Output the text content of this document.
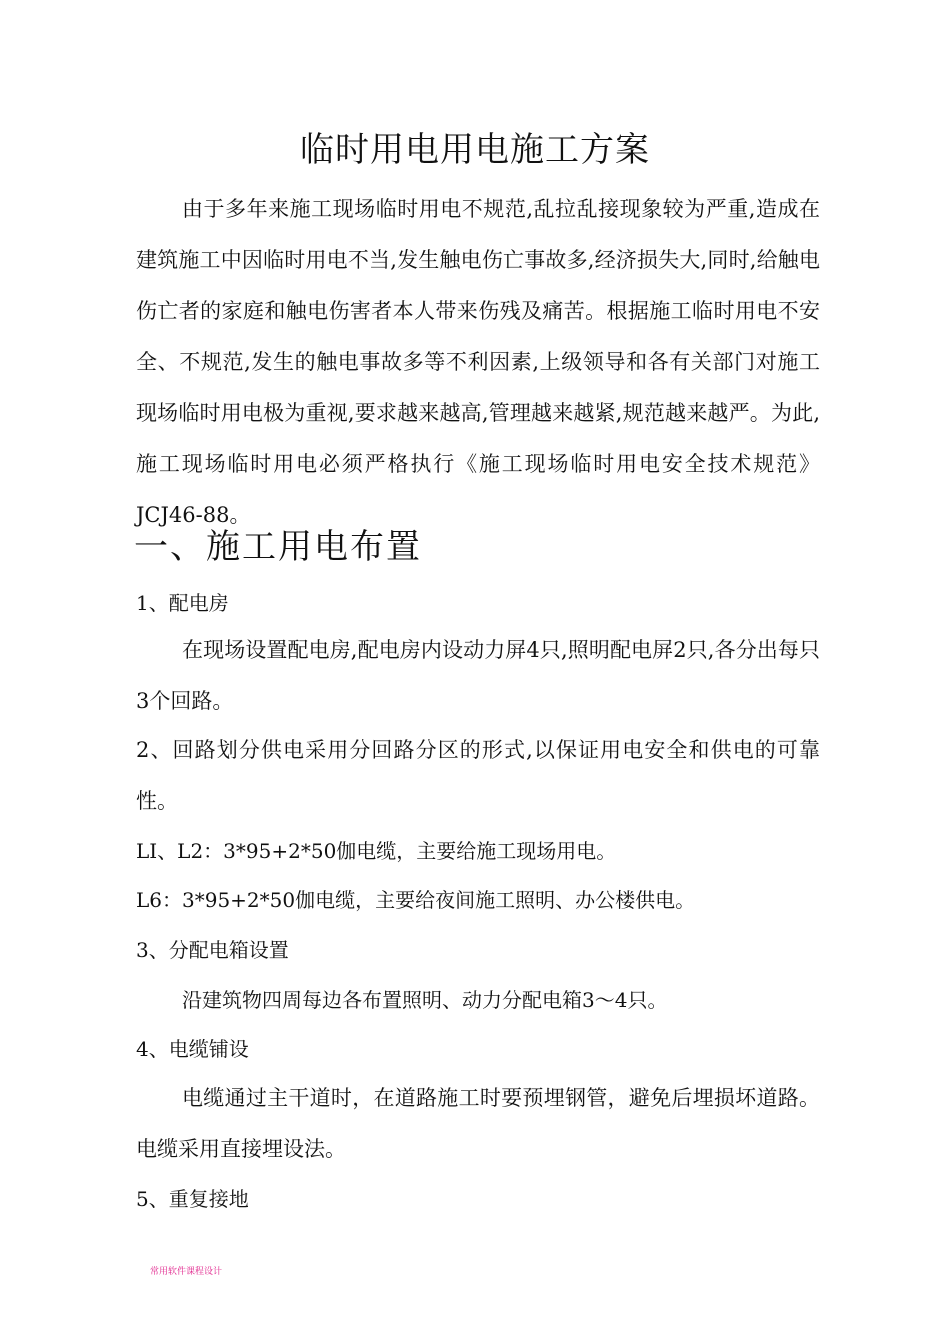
临时用电用电施工方案

由于多年来施工现场临时用电不规范,乱拉乱接现象较为严重,造成在建筑施工中因临时用电不当,发生触电伤亡事故多,经济损失大,同时,给触电伤亡者的家庭和触电伤害者本人带来伤残及痛苦。根据施工临时用电不安全、不规范,发生的触电事故多等不利因素,上级领导和各有关部门对施工现场临时用电极为重视,要求越来越高,管理越来越紧,规范越来越严。为此,施工现场临时用电必须严格执行《施工现场临时用电安全技术规范》JCJ46-88。

一、施工用电布置
1、配电房

在现场设置配电房,配电房内设动力屏4只,照明配电屏2只,各分出每只3个回路。

2、回路划分供电采用分回路分区的形式,以保证用电安全和供电的可靠性。

LI、L2：3*95+2*50伽电缆，主要给施工现场用电。
L6：3*95+2*50伽电缆，主要给夜间施工照明、办公楼供电。
3、分配电箱设置
沿建筑物四周每边各布置照明、动力分配电箱3〜4只。
4、电缆铺设

电缆通过主干道时，在道路施工时要预埋钢管，避免后埋损坏道路。电缆采用直接埋设法。

5、重复接地
常用软件课程设计
